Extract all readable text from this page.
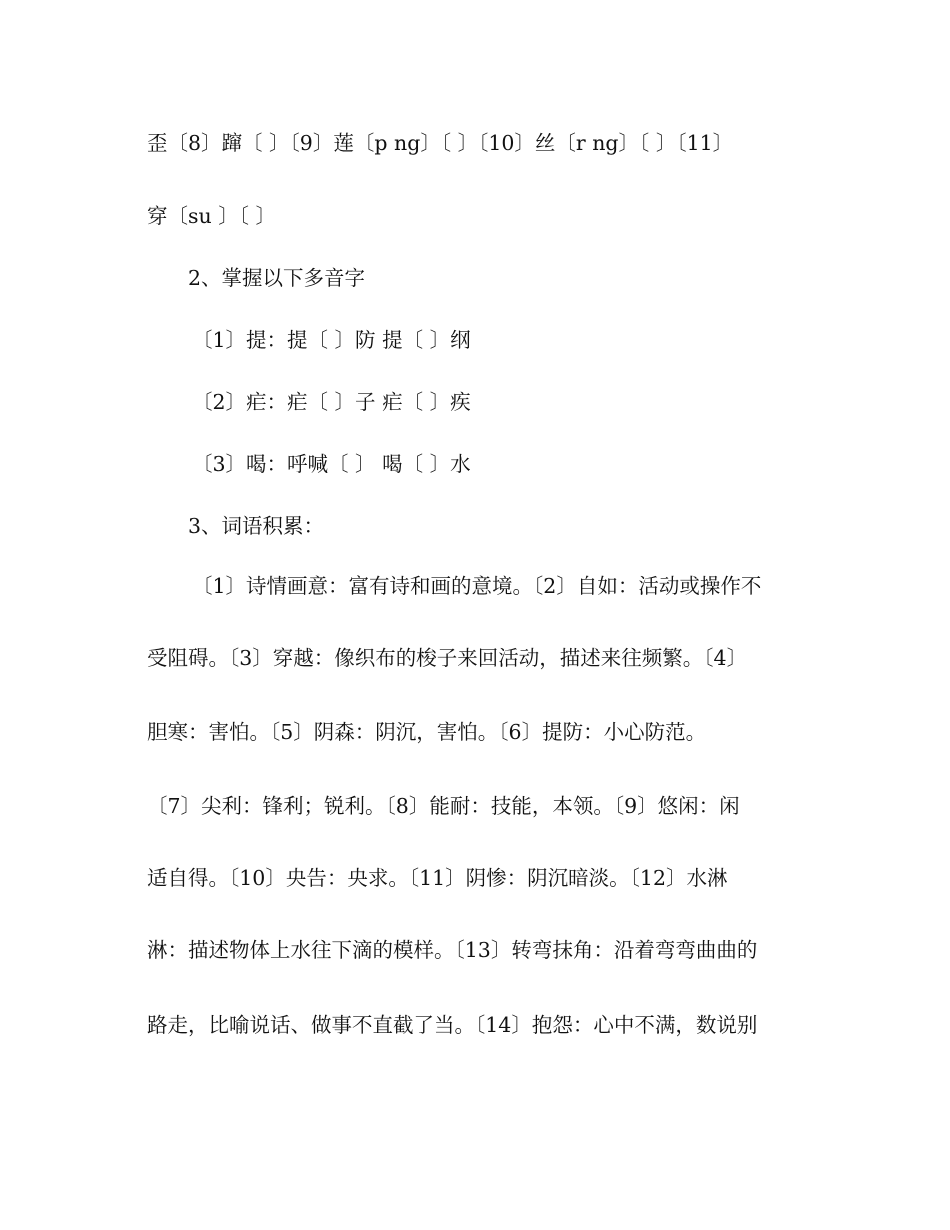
歪〔8〕蹿〔 〕〔9〕莲〔p ng〕〔 〕〔10〕丝〔r ng〕〔 〕〔11〕
穿〔su 〕〔 〕
2、掌握以下多音字
〔1〕提：提〔 〕防 提〔 〕纲
〔2〕疟：疟〔 〕子 疟〔 〕疾
〔3〕喝：呼喊〔 〕 喝〔 〕水
3、词语积累：
〔1〕诗情画意：富有诗和画的意境。〔2〕自如：活动或操作不
受阻碍。〔3〕穿越：像织布的梭子来回活动，描述来往频繁。〔4〕
胆寒：害怕。〔5〕阴森：阴沉，害怕。〔6〕提防：小心防范。
〔7〕尖利：锋利；锐利。〔8〕能耐：技能，本领。〔9〕悠闲：闲
适自得。〔10〕央告：央求。〔11〕阴惨：阴沉暗淡。〔12〕水淋
淋：描述物体上水往下滴的模样。〔13〕转弯抹角：沿着弯弯曲曲的
路走，比喻说话、做事不直截了当。〔14〕抱怨：心中不满，数说别
